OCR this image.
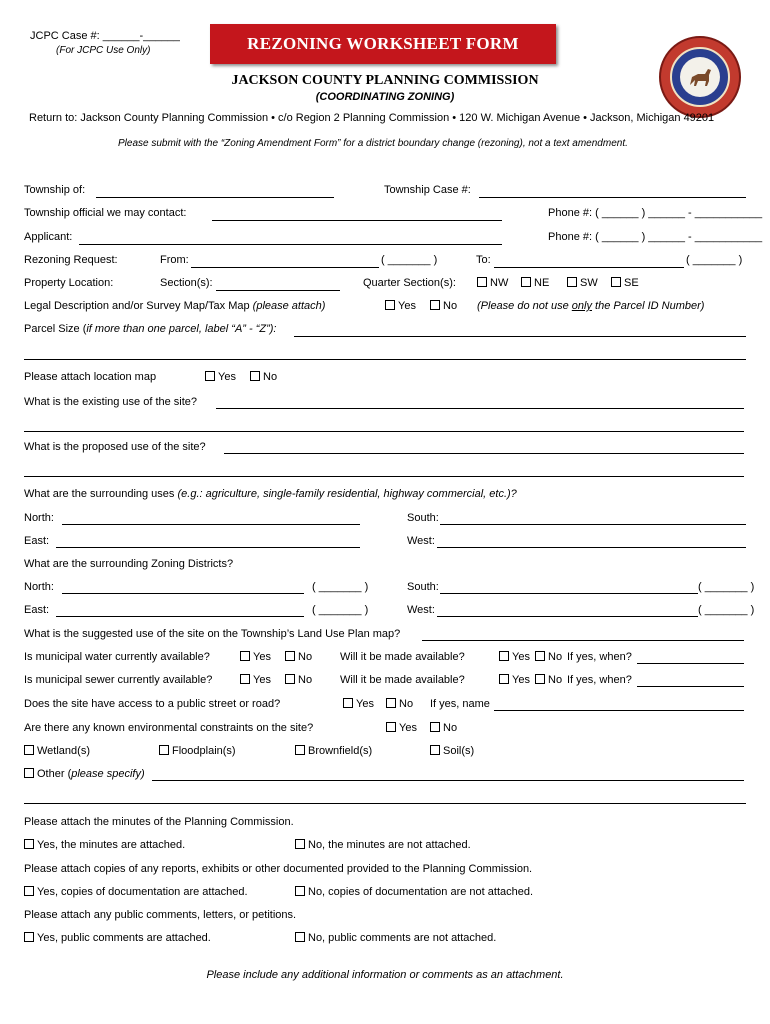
JCPC Case #: ______-______
(For JCPC Use Only)	REZONING WORKSHEET FORM
JACKSON COUNTY PLANNING COMMISSION
(COORDINATING ZONING)
Return to: Jackson County Planning Commission • c/o Region 2 Planning Commission • 120 W. Michigan Avenue • Jackson, Michigan 49201
Please submit with the “Zoning Amendment Form” for a district boundary change (rezoning), not a text amendment.
Township of:	Township Case #:
Township official we may contact:	Phone #: ( ______ ) ______ - ___________
Applicant:	Phone #: ( ______ ) ______ - ___________
Rezoning Request:	From:	( _______ )	To:	( _______ )
Property Location:	Section(s):	Quarter Section(s):	NW	NE	SW	SE
Legal Description and/or Survey Map/Tax Map (please attach)	Yes	No (Please do not use only the Parcel ID Number)
Parcel Size (if more than one parcel, label “A” - “Z”):
Please attach location map	Yes	No
What is the existing use of the site?
What is the proposed use of the site?
What are the surrounding uses (e.g.: agriculture, single-family residential, highway commercial, etc.)?
North:	South:
East:	West:
What are the surrounding Zoning Districts?
North:	( _______ )	South:	( _______ )
East:	( _______ )	West:	( _______ )
What is the suggested use of the site on the Township’s Land Use Plan map?
Is municipal water currently available?	Yes	No	Will it be made available?	Yes	No If yes, when?
Is municipal sewer currently available?	Yes	No	Will it be made available?	Yes	No If yes, when?
Does the site have access to a public street or road?	Yes	No If yes, name
Are there any known environmental constraints on the site?	Yes	No
Wetland(s)	Floodplain(s)	Brownfield(s)	Soil(s)
Other (please specify)
Please attach the minutes of the Planning Commission.
Yes, the minutes are attached.	No, the minutes are not attached.
Please attach copies of any reports, exhibits or other documented provided to the Planning Commission.
Yes, copies of documentation are attached.	No, copies of documentation are not attached.
Please attach any public comments, letters, or petitions.
Yes, public comments are attached.	No, public comments are not attached.
Please include any additional information or comments as an attachment.
